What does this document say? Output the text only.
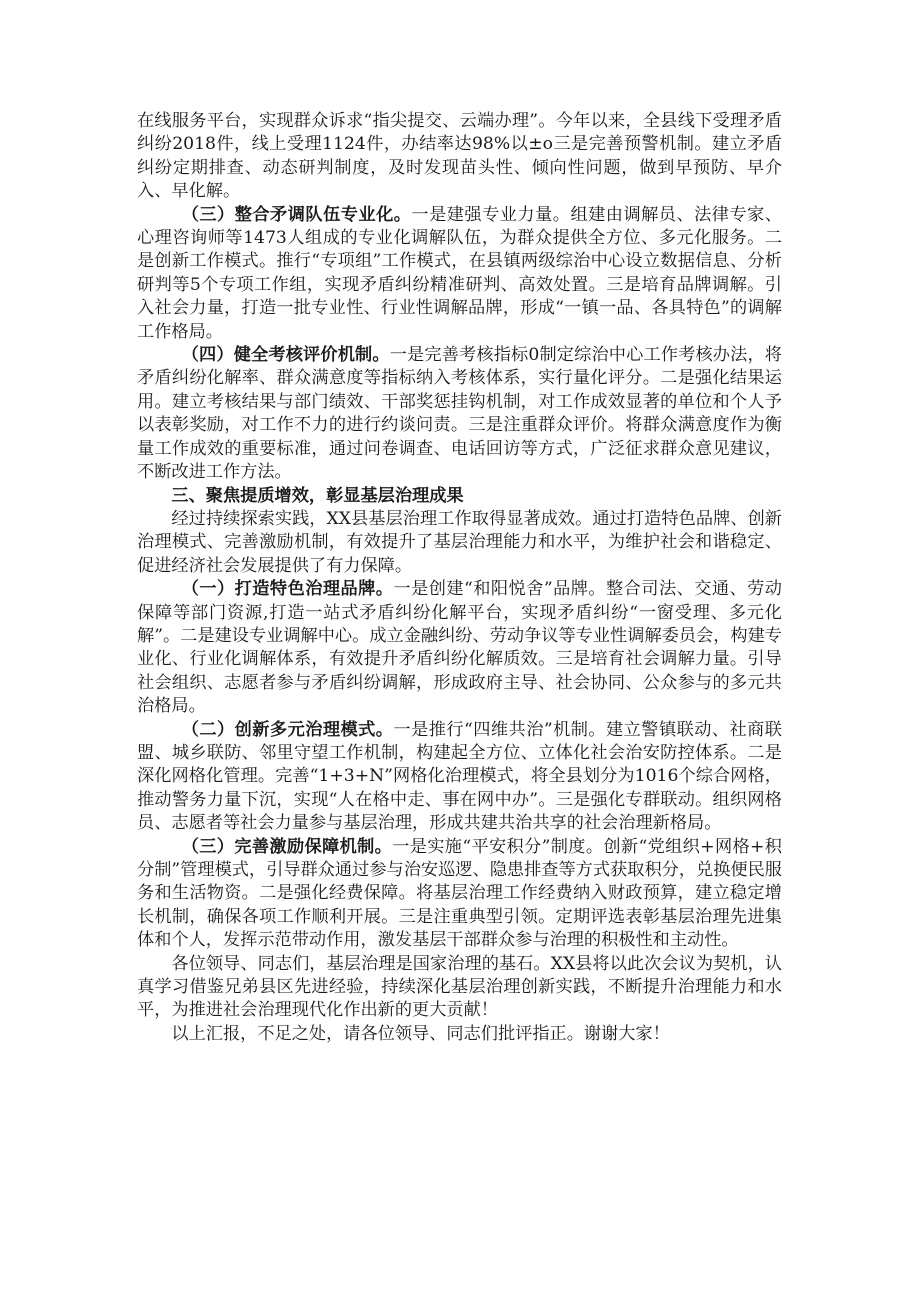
在线服务平台，实现群众诉求“指尖提交、云端办理”。今年以来，全县线下受理矛盾纠纷2018件，线上受理1124件，办结率达98%以±o三是完善预警机制。建立矛盾纠纷定期排查、动态研判制度，及时发现苗头性、倾向性问题，做到早预防、早介入、早化解。

（三）整合矛调队伍专业化。一是建强专业力量。组建由调解员、法律专家、心理咨询师等1473人组成的专业化调解队伍，为群众提供全方位、多元化服务。二是创新工作模式。推行“专项组”工作模式，在县镇两级综治中心设立数据信息、分析研判等5个专项工作组，实现矛盾纠纷精准研判、高效处置。三是培育品牌调解。引入社会力量，打造一批专业性、行业性调解品牌，形成“一镇一品、各具特色”的调解工作格局。

（四）健全考核评价机制。一是完善考核指标0制定综治中心工作考核办法，将矛盾纠纷化解率、群众满意度等指标纳入考核体系，实行量化评分。二是强化结果运用。建立考核结果与部门绩效、干部奖惩挂钩机制，对工作成效显著的单位和个人予以表彰奖励，对工作不力的进行约谈问责。三是注重群众评价。将群众满意度作为衡量工作成效的重要标准，通过问卷调查、电话回访等方式，广泛征求群众意见建议，不断改进工作方法。

三、聚焦提质增效，彰显基层治理成果

经过持续探索实践，XX县基层治理工作取得显著成效。通过打造特色品牌、创新治理模式、完善激励机制，有效提升了基层治理能力和水平，为维护社会和谐稳定、促进经济社会发展提供了有力保障。

（一）打造特色治理品牌。一是创建“和阳悦舍”品牌。整合司法、交通、劳动保障等部门资源,打造一站式矛盾纠纷化解平台，实现矛盾纠纷“一窗受理、多元化解”。二是建设专业调解中心。成立金融纠纷、劳动争议等专业性调解委员会，构建专业化、行业化调解体系，有效提升矛盾纠纷化解质效。三是培育社会调解力量。引导社会组织、志愿者参与矛盾纠纷调解，形成政府主导、社会协同、公众参与的多元共治格局。

（二）创新多元治理模式。一是推行“四维共治”机制。建立警镇联动、社商联盟、城乡联防、邻里守望工作机制，构建起全方位、立体化社会治安防控体系。二是深化网格化管理。完善“1+3+N”网格化治理模式，将全县划分为1016个综合网格，推动警务力量下沉，实现“人在格中走、事在网中办”。三是强化专群联动。组织网格员、志愿者等社会力量参与基层治理，形成共建共治共享的社会治理新格局。

（三）完善激励保障机制。一是实施“平安积分”制度。创新“党组织+网格+积分制”管理模式，引导群众通过参与治安巡逻、隐患排查等方式获取积分，兑换便民服务和生活物资。二是强化经费保障。将基层治理工作经费纳入财政预算，建立稳定增长机制，确保各项工作顺利开展。三是注重典型引领。定期评选表彰基层治理先进集体和个人，发挥示范带动作用，激发基层干部群众参与治理的积极性和主动性。

各位领导、同志们，基层治理是国家治理的基石。XX县将以此次会议为契机，认真学习借鉴兄弟县区先进经验，持续深化基层治理创新实践，不断提升治理能力和水平，为推进社会治理现代化作出新的更大贡献！

以上汇报，不足之处，请各位领导、同志们批评指正。谢谢大家！
